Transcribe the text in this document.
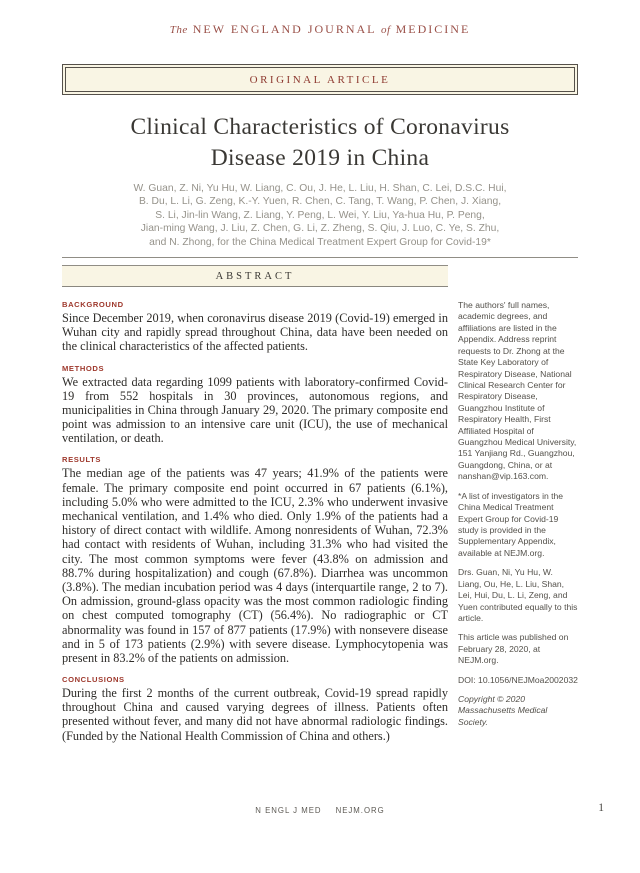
The NEW ENGLAND JOURNAL of MEDICINE
ORIGINAL ARTICLE
Clinical Characteristics of Coronavirus
Disease 2019 in China
W. Guan, Z. Ni, Yu Hu, W. Liang, C. Ou, J. He, L. Liu, H. Shan, C. Lei, D.S.C. Hui,
B. Du, L. Li, G. Zeng, K.-Y. Yuen, R. Chen, C. Tang, T. Wang, P. Chen, J. Xiang,
S. Li, Jin-lin Wang, Z. Liang, Y. Peng, L. Wei, Y. Liu, Ya-hua Hu, P. Peng,
Jian-ming Wang, J. Liu, Z. Chen, G. Li, Z. Zheng, S. Qiu, J. Luo, C. Ye, S. Zhu,
and N. Zhong, for the China Medical Treatment Expert Group for Covid-19*
ABSTRACT
BACKGROUND

Since December 2019, when coronavirus disease 2019 (Covid-19) emerged in Wuhan city and rapidly spread throughout China, data have been needed on the clinical characteristics of the affected patients.

METHODS

We extracted data regarding 1099 patients with laboratory-confirmed Covid-19 from 552 hospitals in 30 provinces, autonomous regions, and municipalities in China through January 29, 2020. The primary composite end point was admission to an intensive care unit (ICU), the use of mechanical ventilation, or death.

RESULTS

The median age of the patients was 47 years; 41.9% of the patients were female. The primary composite end point occurred in 67 patients (6.1%), including 5.0% who were admitted to the ICU, 2.3% who underwent invasive mechanical ventilation, and 1.4% who died. Only 1.9% of the patients had a history of direct contact with wildlife. Among nonresidents of Wuhan, 72.3% had contact with residents of Wuhan, including 31.3% who had visited the city. The most common symptoms were fever (43.8% on admission and 88.7% during hospitalization) and cough (67.8%). Diarrhea was uncommon (3.8%). The median incubation period was 4 days (interquartile range, 2 to 7). On admission, ground-glass opacity was the most common radiologic finding on chest computed tomography (CT) (56.4%). No radiographic or CT abnormality was found in 157 of 877 patients (17.9%) with nonsevere disease and in 5 of 173 patients (2.9%) with severe disease. Lymphocytopenia was present in 83.2% of the patients on admission.

CONCLUSIONS

During the first 2 months of the current outbreak, Covid-19 spread rapidly throughout China and caused varying degrees of illness. Patients often presented without fever, and many did not have abnormal radiologic findings. (Funded by the National Health Commission of China and others.)

The authors' full names, academic degrees, and affiliations are listed in the Appendix. Address reprint requests to Dr. Zhong at the State Key Laboratory of Respiratory Disease, National Clinical Research Center for Respiratory Disease, Guangzhou Institute of Respiratory Health, First Affiliated Hospital of Guangzhou Medical University, 151 Yanjiang Rd., Guangzhou, Guangdong, China, or at nanshan@vip.163.com.

*A list of investigators in the China Medical Treatment Expert Group for Covid-19 study is provided in the Supplementary Appendix, available at NEJM.org.

Drs. Guan, Ni, Yu Hu, W. Liang, Ou, He, L. Liu, Shan, Lei, Hui, Du, L. Li, Zeng, and Yuen contributed equally to this article.

This article was published on February 28, 2020, at NEJM.org.

DOI: 10.1056/NEJMoa2002032

Copyright © 2020 Massachusetts Medical Society.

N ENGL J MED NEJM.ORG	1
